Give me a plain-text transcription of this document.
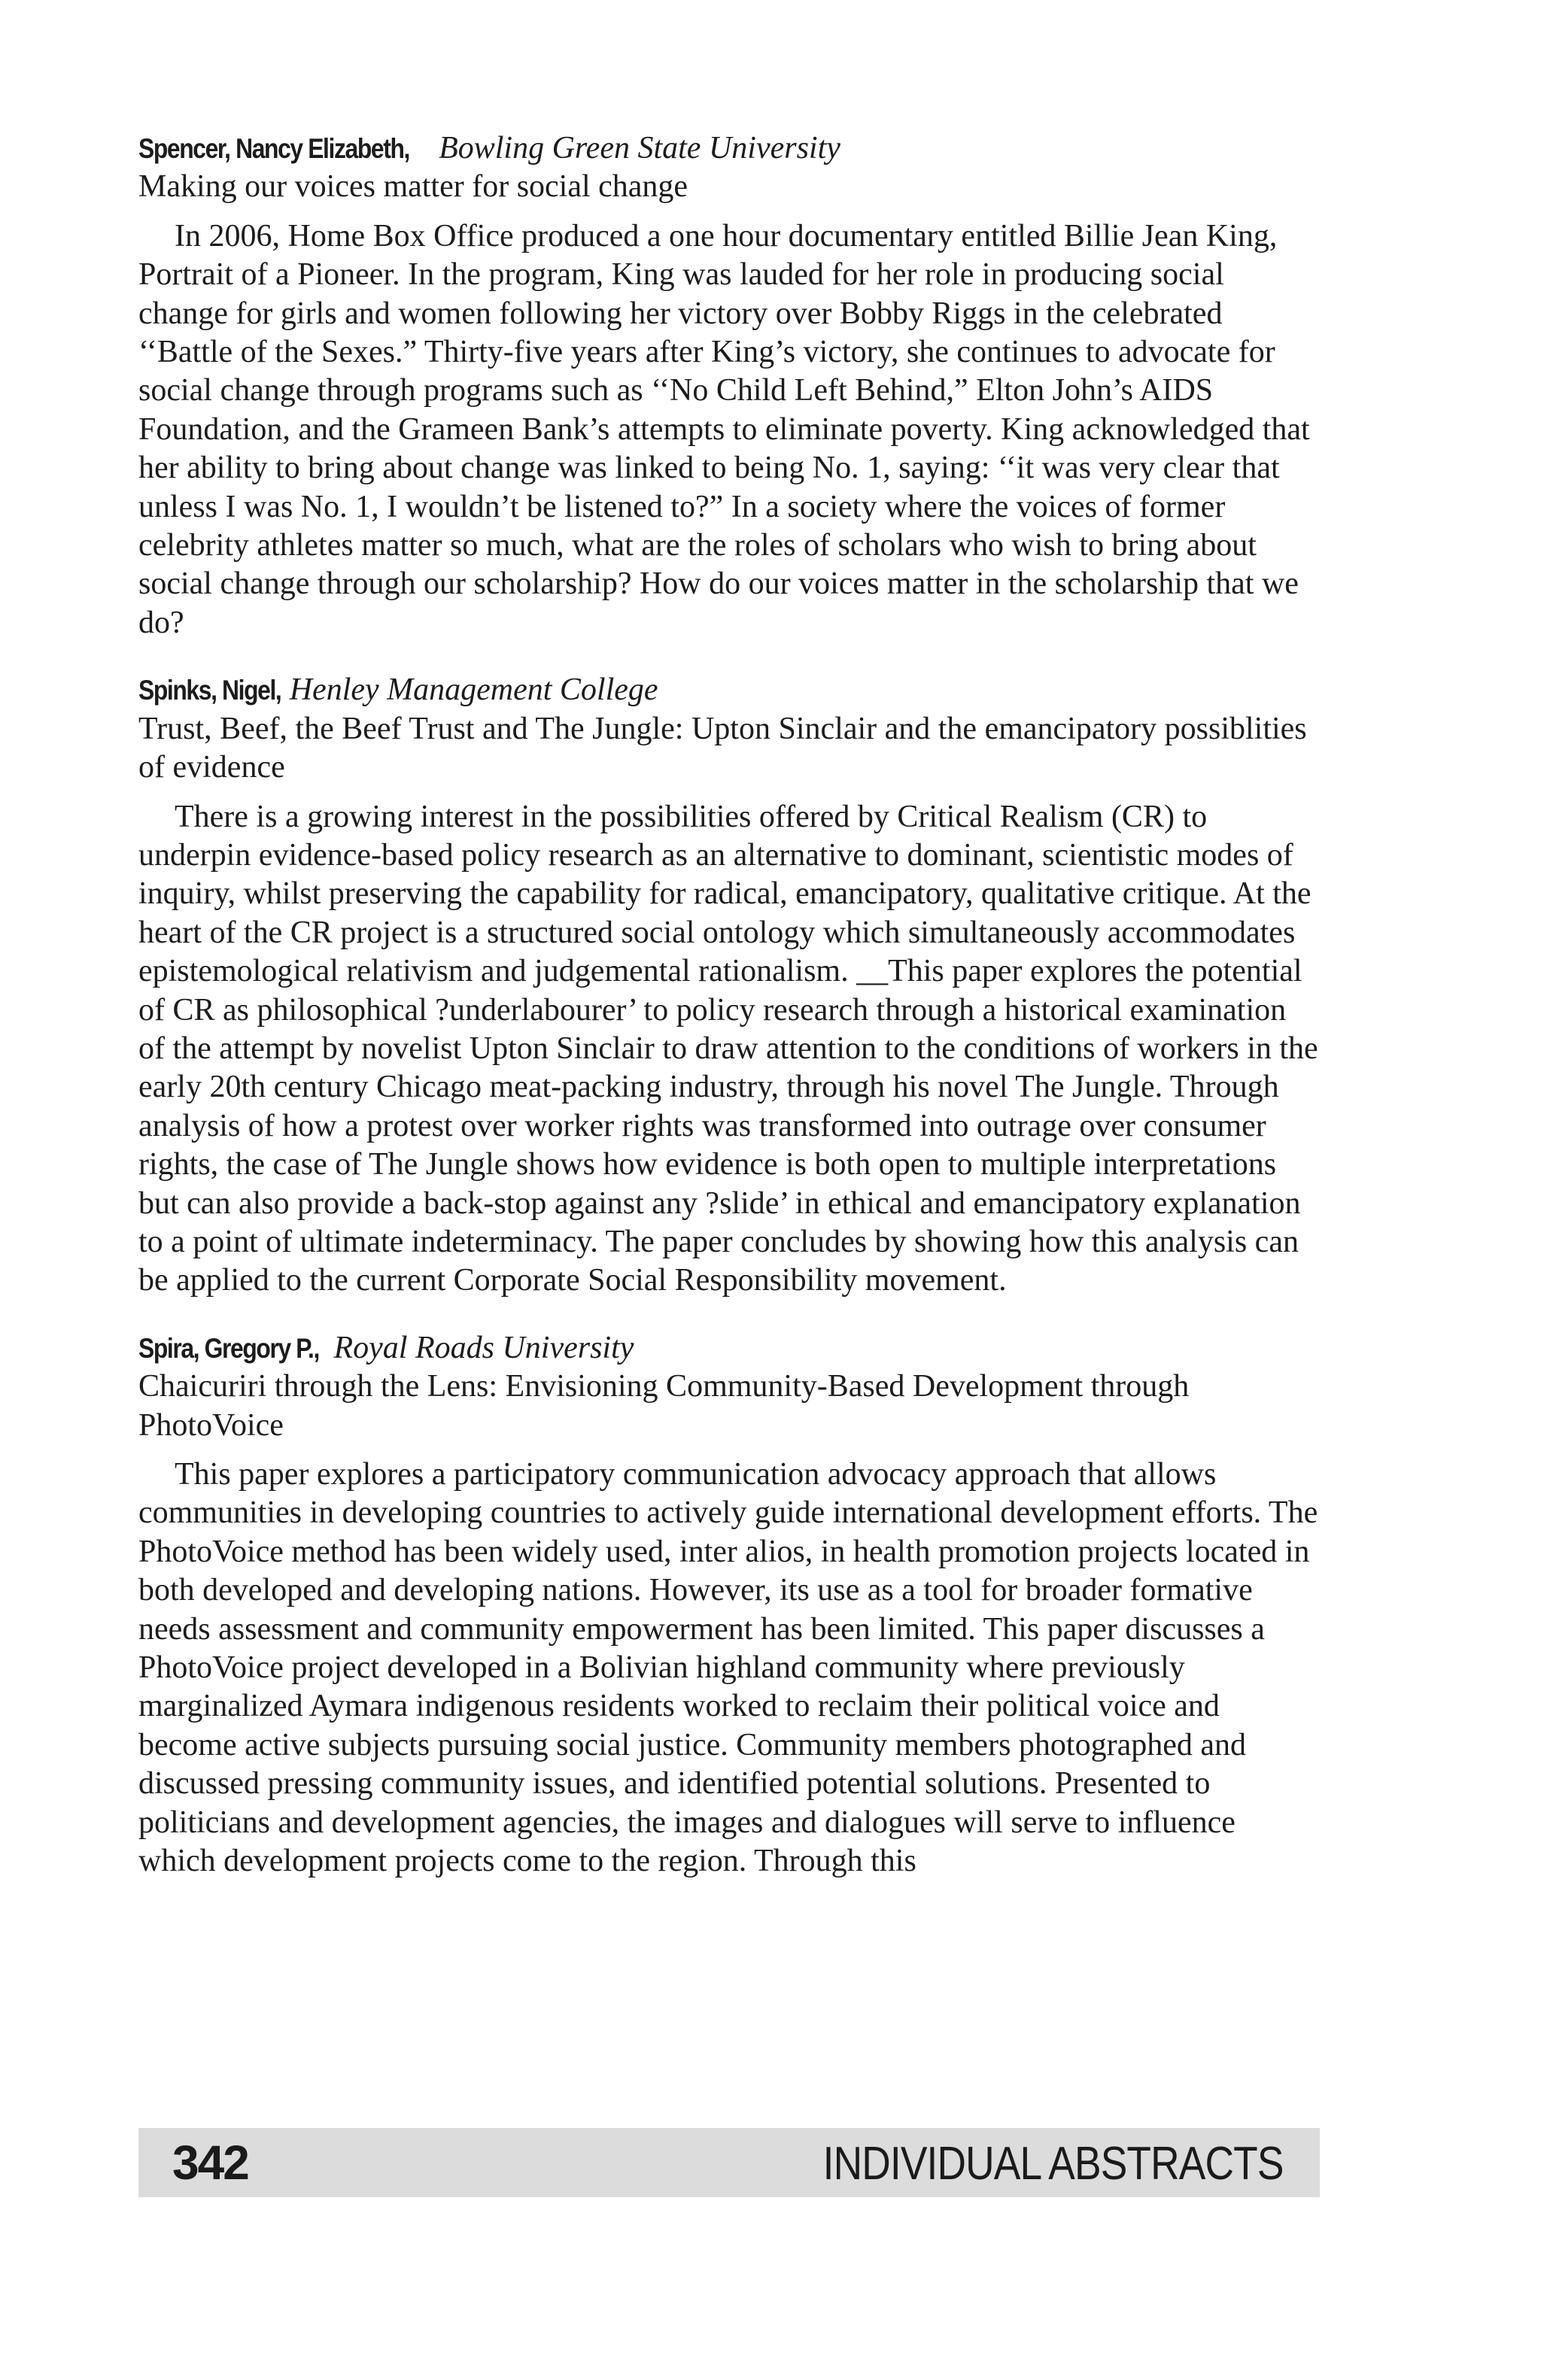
Spencer, Nancy Elizabeth, Bowling Green State University

Making our voices matter for social change

In 2006, Home Box Office produced a one hour documentary entitled Billie Jean King, Portrait of a Pioneer. In the program, King was lauded for her role in producing social change for girls and women following her victory over Bobby Riggs in the celebrated ‘‘Battle of the Sexes.” Thirty-five years after King’s victory, she continues to advocate for social change through programs such as ‘‘No Child Left Behind,” Elton John’s AIDS Foundation, and the Grameen Bank’s attempts to eliminate poverty. King acknowledged that her ability to bring about change was linked to being No. 1, saying: ‘‘it was very clear that unless I was No. 1, I wouldn’t be listened to?” In a society where the voices of former celebrity athletes matter so much, what are the roles of scholars who wish to bring about social change through our scholarship? How do our voices matter in the scholarship that we do?

Spinks, Nigel, Henley Management College

Trust, Beef, the Beef Trust and The Jungle: Upton Sinclair and the emancipatory possiblities of evidence

There is a growing interest in the possibilities offered by Critical Realism (CR) to underpin evidence-based policy research as an alternative to dominant, scientistic modes of inquiry, whilst preserving the capability for radical, emancipatory, qualitative critique. At the heart of the CR project is a structured social ontology which simultaneously accommodates epistemological relativism and judgemental rationalism. __This paper explores the potential of CR as philosophical ?underlabourer’ to policy research through a historical examination of the attempt by novelist Upton Sinclair to draw attention to the conditions of workers in the early 20th century Chicago meat-packing industry, through his novel The Jungle. Through analysis of how a protest over worker rights was transformed into outrage over consumer rights, the case of The Jungle shows how evidence is both open to multiple interpretations but can also provide a back-stop against any ?slide’ in ethical and emancipatory explanation to a point of ultimate indeterminacy. The paper concludes by showing how this analysis can be applied to the current Corporate Social Responsibility movement.

Spira, Gregory P., Royal Roads University

Chaicuriri through the Lens: Envisioning Community-Based Development through PhotoVoice

This paper explores a participatory communication advocacy approach that allows communities in developing countries to actively guide international development efforts. The PhotoVoice method has been widely used, inter alios, in health promotion projects located in both developed and developing nations. However, its use as a tool for broader formative needs assessment and community empowerment has been limited. This paper discusses a PhotoVoice project developed in a Bolivian highland community where previously marginalized Aymara indigenous residents worked to reclaim their political voice and become active subjects pursuing social justice. Community members photographed and discussed pressing community issues, and identified potential solutions. Presented to politicians and development agencies, the images and dialogues will serve to influence which development projects come to the region. Through this

342	INDIVIDUAL ABSTRACTS
